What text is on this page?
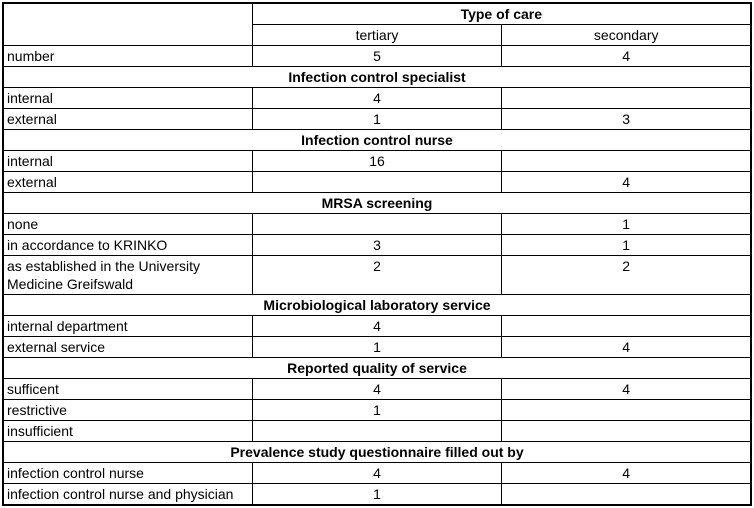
	Type of care	
	tertiary	secondary
number	5	4
Infection control specialist		
internal	4	
external	1	3
Infection control nurse		
internal	16	
external		4
MRSA screening		
none		1
in accordance to KRINKO	3	1
as established in the University Medicine Greifswald	2	2
Microbiological laboratory service		
internal department	4	
external service	1	4
Reported quality of service		
sufficent	4	4
restrictive	1	
insufficient		
Prevalence study questionnaire filled out by		
infection control nurse	4	4
infection control nurse and physician	1	
